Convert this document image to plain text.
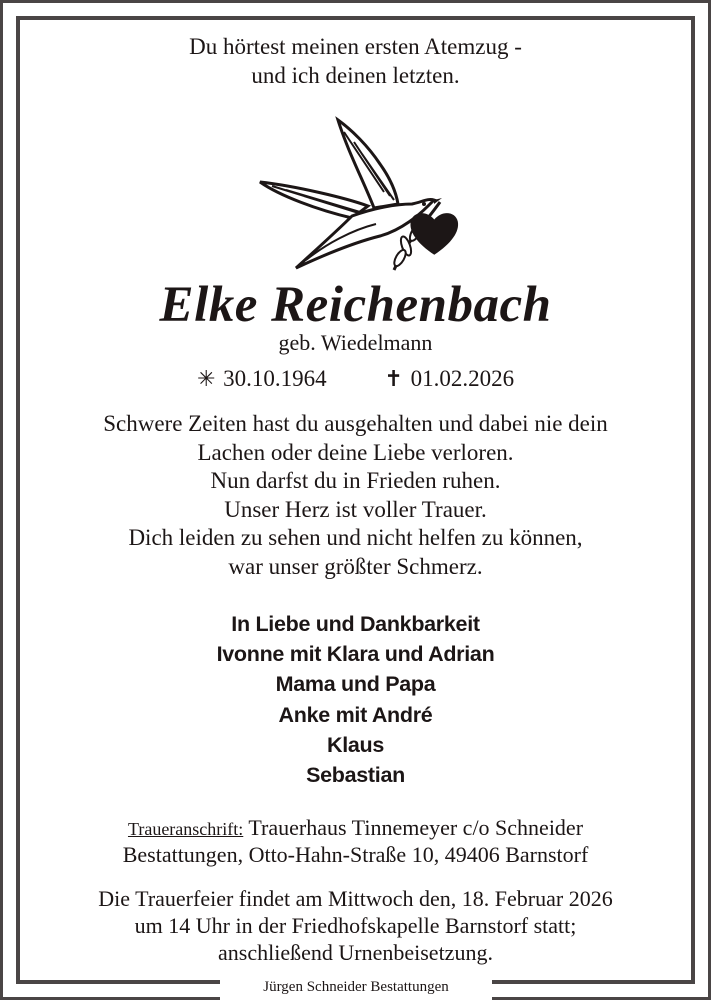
Du hörtest meinen ersten Atemzug -
und ich deinen letzten.
Elke Reichenbach
geb. Wiedelmann
✳ 30.10.1964	✝ 01.02.2026
Schwere Zeiten hast du ausgehalten und dabei nie dein
Lachen oder deine Liebe verloren.
Nun darfst du in Frieden ruhen.
Unser Herz ist voller Trauer.
Dich leiden zu sehen und nicht helfen zu können,
war unser größter Schmerz.
In Liebe und Dankbarkeit
Ivonne mit Klara und Adrian
Mama und Papa
Anke mit André
Klaus
Sebastian
Traueranschrift: Trauerhaus Tinnemeyer c/o Schneider
Bestattungen, Otto-Hahn-Straße 10, 49406 Barnstorf
Die Trauerfeier findet am Mittwoch den, 18. Februar 2026
um 14 Uhr in der Friedhofskapelle Barnstorf statt;
anschließend Urnenbeisetzung.
Jürgen Schneider Bestattungen
